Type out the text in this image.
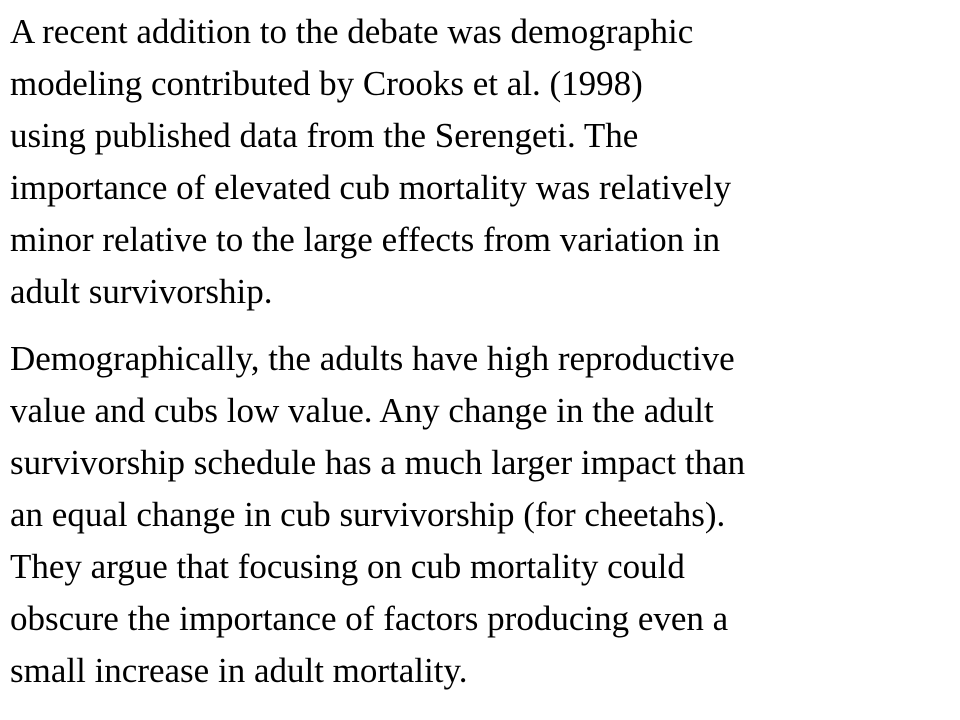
A recent addition to the debate was demographic
modeling contributed by Crooks et al. (1998)
using published data from the Serengeti. The
importance of elevated cub mortality was relatively
minor relative to the large effects from variation in
adult survivorship.

Demographically, the adults have high reproductive
value and cubs low value. Any change in the adult
survivorship schedule has a much larger impact than
an equal change in cub survivorship (for cheetahs).
They argue that focusing on cub mortality could
obscure the importance of factors producing even a
small increase in adult mortality.
